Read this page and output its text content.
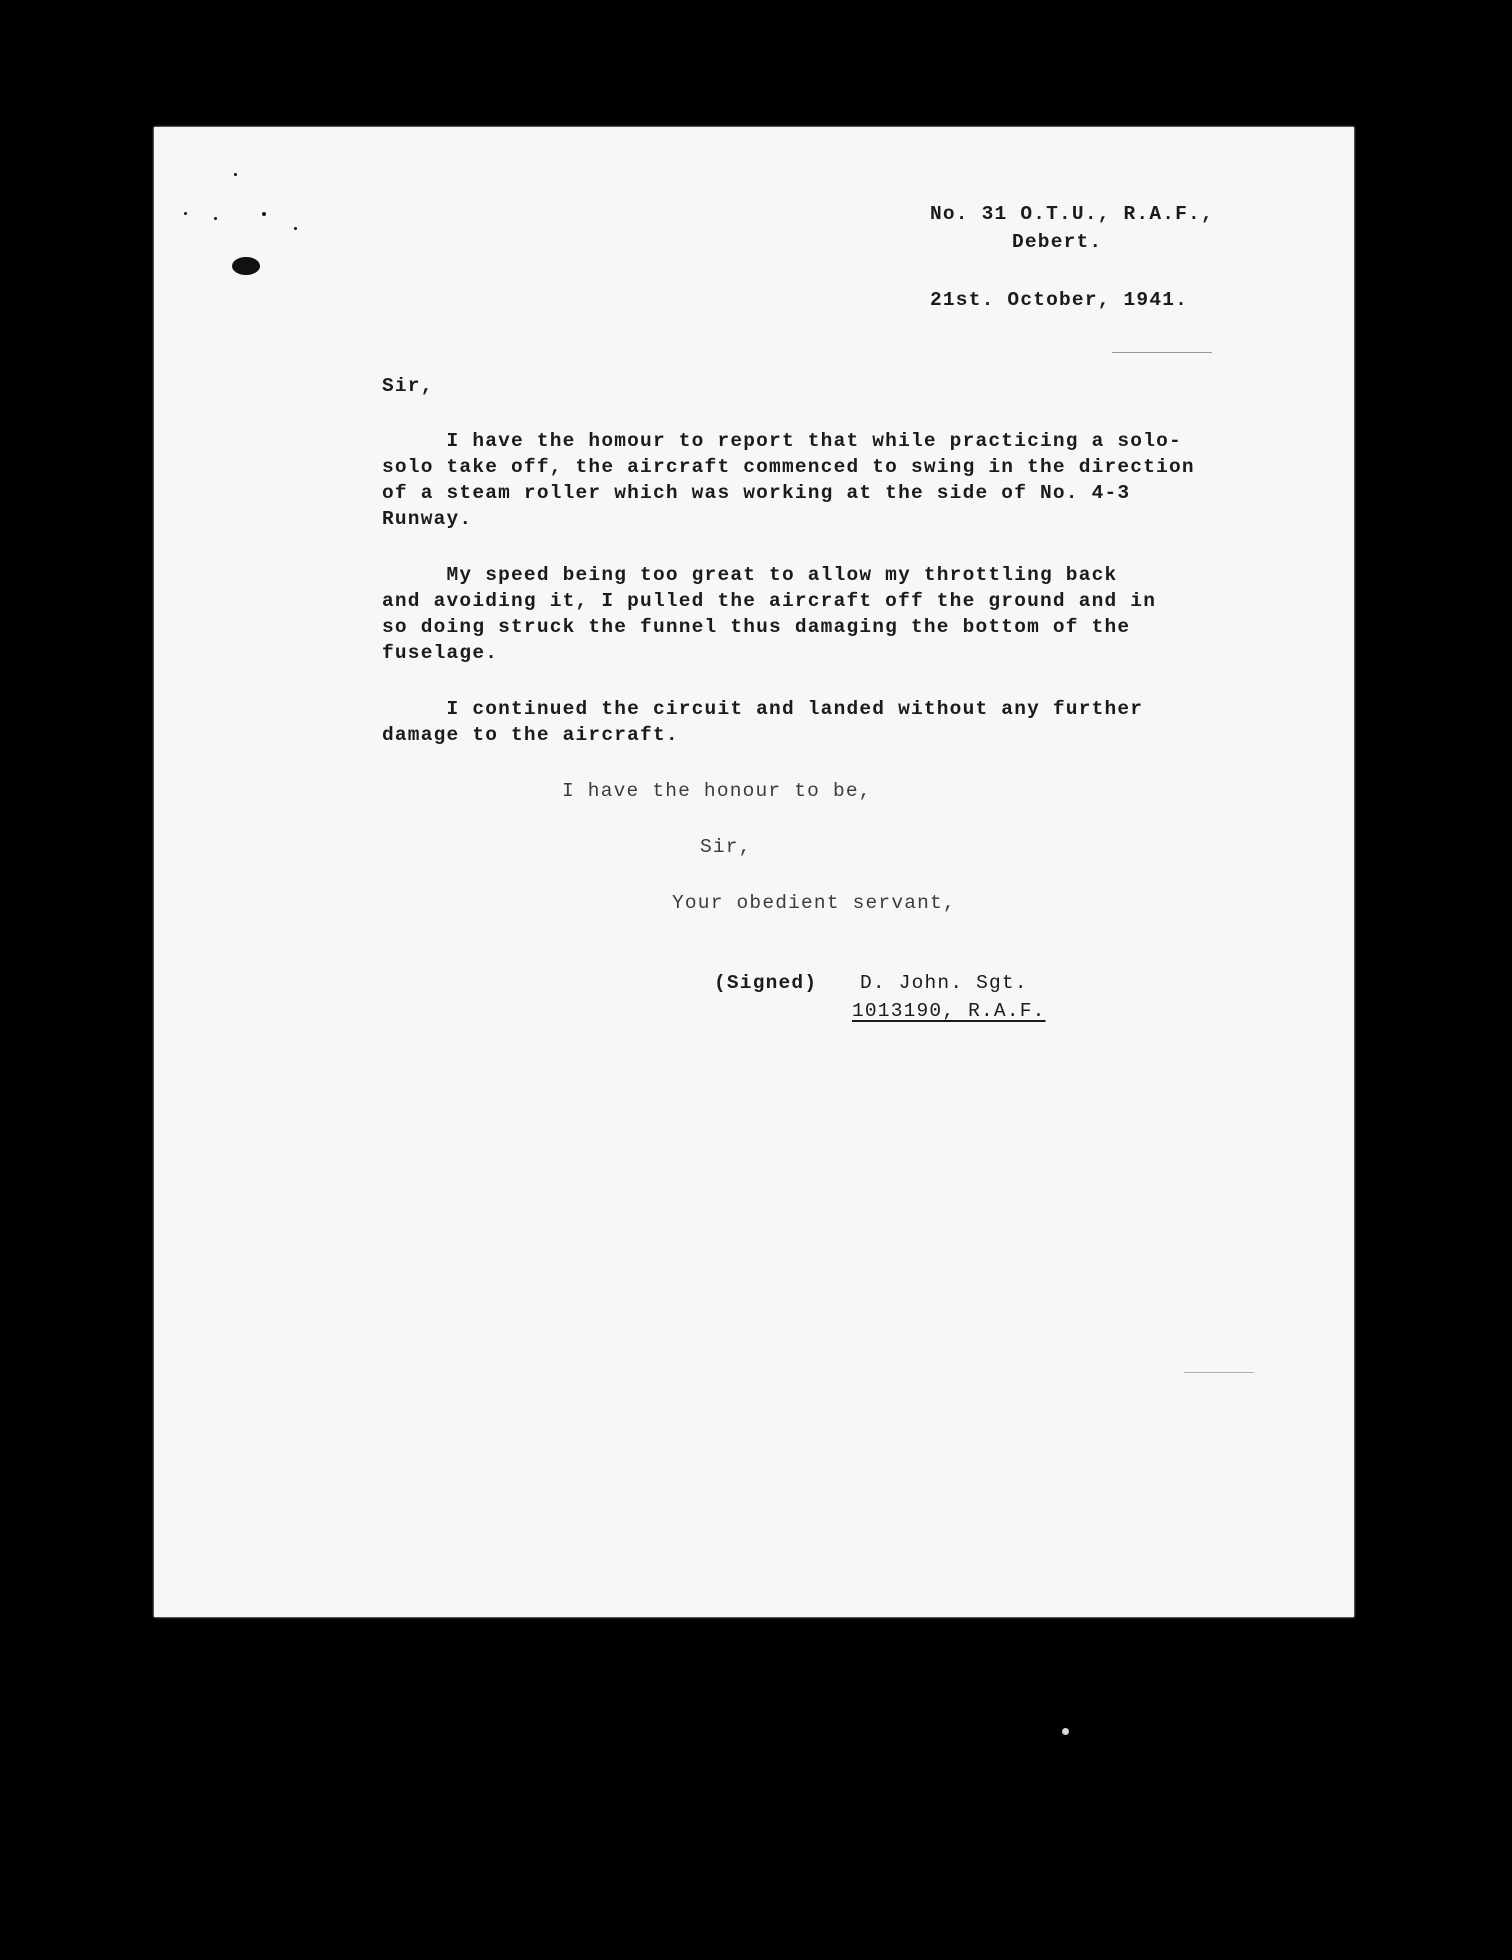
No. 31 O.T.U., R.A.F.,
Debert.
21st. October, 1941.
Sir,
I have the homour to report that while practicing a solo-
solo take off, the aircraft commenced to swing in the direction
of a steam roller which was working at the side of No. 4-3
Runway.
My speed being too great to allow my throttling back
and avoiding it, I pulled the aircraft off the ground and in
so doing struck the funnel thus damaging the bottom of the
fuselage.
I continued the circuit and landed without any further
damage to the aircraft.
I have the honour to be,
Sir,
Your obedient servant,
(Signed) D. John. Sgt.
1013190, R.A.F.
